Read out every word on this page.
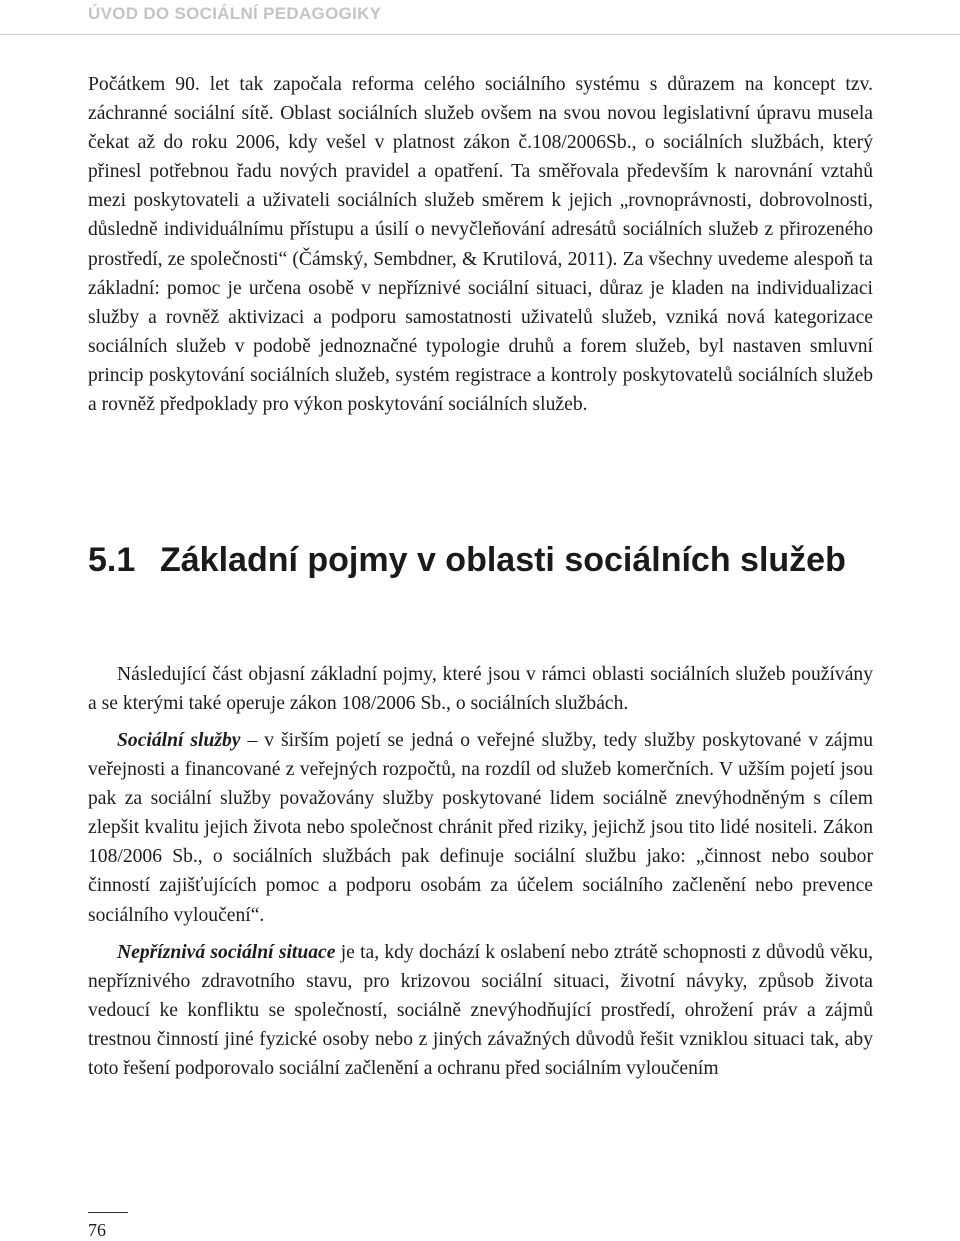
ÚVOD DO SOCIÁLNÍ PEDAGOGIKY

Počátkem 90. let tak započala reforma celého sociálního systému s důrazem na koncept tzv. záchranné sociální sítě. Oblast sociálních služeb ovšem na svou novou legislativní úpravu musela čekat až do roku 2006, kdy vešel v platnost zákon č.108/2006Sb., o sociálních službách, který přinesl potřebnou řadu nových pravidel a opatření. Ta směřovala především k narovnání vztahů mezi poskytovateli a uživateli sociálních služeb směrem k jejich „rovnoprávnosti, dobrovolnosti, důsledně individuálnímu přístupu a úsilí o nevyčleňování adresátů sociálních služeb z přirozeného prostředí, ze společnosti“ (Čámský, Sembdner, & Krutilová, 2011). Za všechny uvedeme alespoň ta základní: pomoc je určena osobě v nepříznivé sociální situaci, důraz je kladen na individualizaci služby a rovněž aktivizaci a podporu samostatnosti uživatelů služeb, vzniká nová kategorizace sociálních služeb v podobě jednoznačné typologie druhů a forem služeb, byl nastaven smluvní princip poskytování sociálních služeb, systém registrace a kontroly poskytovatelů sociálních služeb a rovněž předpoklady pro výkon poskytování sociálních služeb.

5.1 Základní pojmy v oblasti sociálních služeb

Následující část objasní základní pojmy, které jsou v rámci oblasti sociálních služeb používány a se kterými také operuje zákon 108/2006 Sb., o sociálních službách.

Sociální služby – v širším pojetí se jedná o veřejné služby, tedy služby poskytované v zájmu veřejnosti a financované z veřejných rozpočtů, na rozdíl od služeb komerčních. V užším pojetí jsou pak za sociální služby považovány služby poskytované lidem sociálně znevýhodněným s cílem zlepšit kvalitu jejich života nebo společnost chránit před riziky, jejichž jsou tito lidé nositeli. Zákon 108/2006 Sb., o sociálních službách pak definuje sociální službu jako: „činnost nebo soubor činností zajišťujících pomoc a podporu osobám za účelem sociálního začlenění nebo prevence sociálního vyloučení“.

Nepříznivá sociální situace je ta, kdy dochází k oslabení nebo ztrátě schopnosti z důvodů věku, nepříznivého zdravotního stavu, pro krizovou sociální situaci, životní návyky, způsob života vedoucí ke konfliktu se společností, sociálně znevýhodňující prostředí, ohrožení práv a zájmů trestnou činností jiné fyzické osoby nebo z jiných závažných důvodů řešit vzniklou situaci tak, aby toto řešení podporovalo sociální začlenění a ochranu před sociálním vyloučením

76
